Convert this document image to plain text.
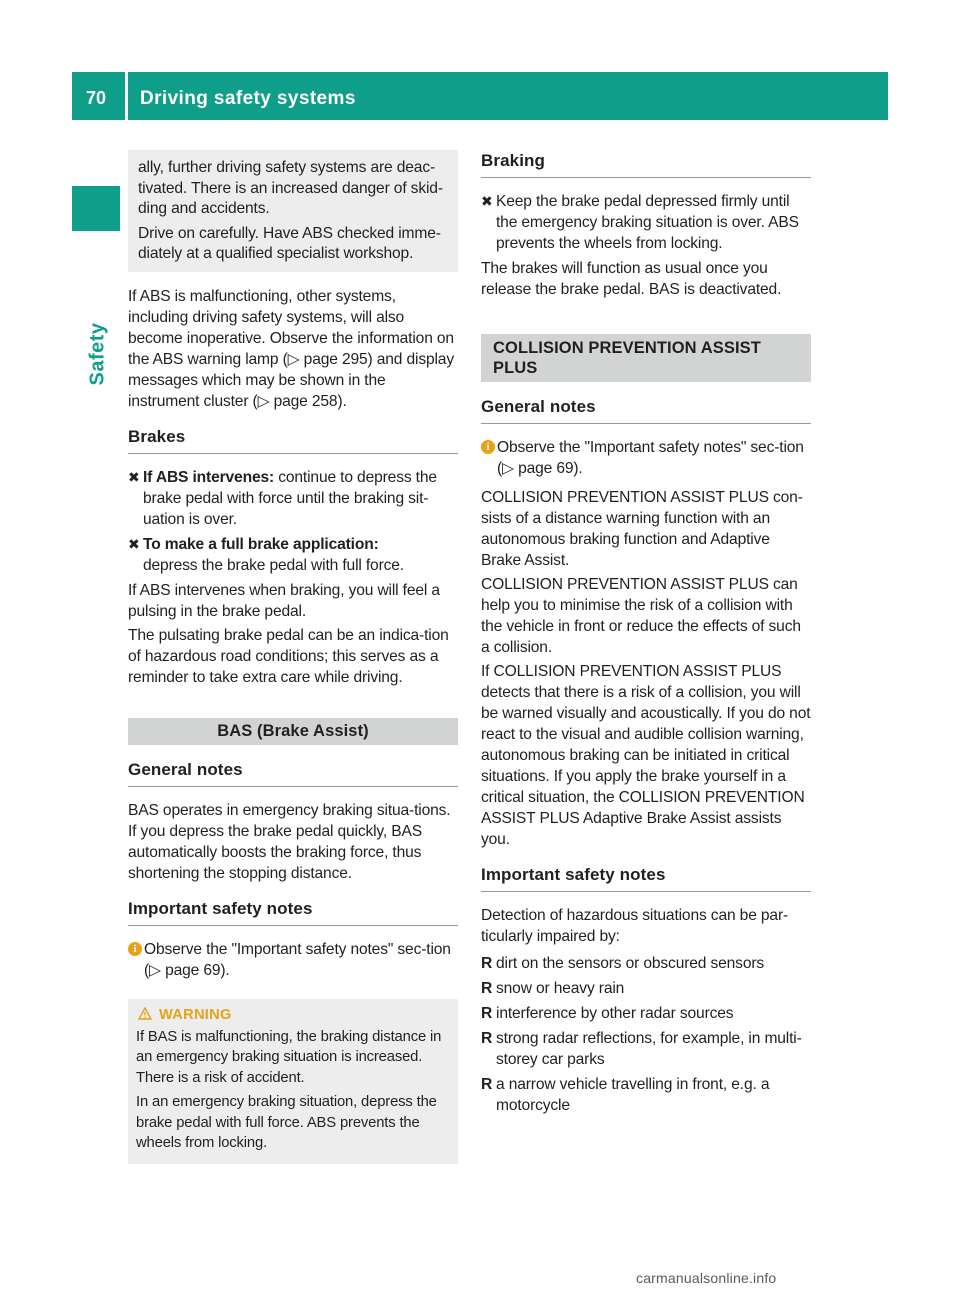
70 Driving safety systems
Safety

ally, further driving safety systems are deac-tivated. There is an increased danger of skid-ding and accidents.

Drive on carefully. Have ABS checked imme-diately at a qualified specialist workshop.

If ABS is malfunctioning, other systems, including driving safety systems, will also become inoperative. Observe the information on the ABS warning lamp (▷ page 295) and display messages which may be shown in the instrument cluster (▷ page 258).

Brakes
✖ If ABS intervenes: continue to depress the brake pedal with force until the braking sit-uation is over.
✖ To make a full brake application:
depress the brake pedal with full force.

If ABS intervenes when braking, you will feel a pulsing in the brake pedal.

The pulsating brake pedal can be an indica-tion of hazardous road conditions; this serves as a reminder to take extra care while driving.

BAS (Brake Assist)
General notes

BAS operates in emergency braking situa-tions. If you depress the brake pedal quickly, BAS automatically boosts the braking force, thus shortening the stopping distance.

Important safety notes
i Observe the "Important safety notes" sec-tion (▷ page 69).

WARNING

If BAS is malfunctioning, the braking distance in an emergency braking situation is increased. There is a risk of accident.

In an emergency braking situation, depress the brake pedal with full force. ABS prevents the wheels from locking.

Braking
✖ Keep the brake pedal depressed firmly until the emergency braking situation is over. ABS prevents the wheels from locking.

The brakes will function as usual once you release the brake pedal. BAS is deactivated.

COLLISION PREVENTION ASSIST
PLUS
General notes
i Observe the "Important safety notes" sec-tion (▷ page 69).

COLLISION PREVENTION ASSIST PLUS con-sists of a distance warning function with an autonomous braking function and Adaptive Brake Assist.

COLLISION PREVENTION ASSIST PLUS can help you to minimise the risk of a collision with the vehicle in front or reduce the effects of such a collision.

If COLLISION PREVENTION ASSIST PLUS detects that there is a risk of a collision, you will be warned visually and acoustically. If you do not react to the visual and audible collision warning, autonomous braking can be initiated in critical situations. If you apply the brake yourself in a critical situation, the COLLISION PREVENTION ASSIST PLUS Adaptive Brake Assist assists you.

Important safety notes

Detection of hazardous situations can be par-ticularly impaired by:

R dirt on the sensors or obscured sensors
R snow or heavy rain
R interference by other radar sources
R strong radar reflections, for example, in multi-storey car parks
R a narrow vehicle travelling in front, e.g. a motorcycle
carmanualsonline.info
